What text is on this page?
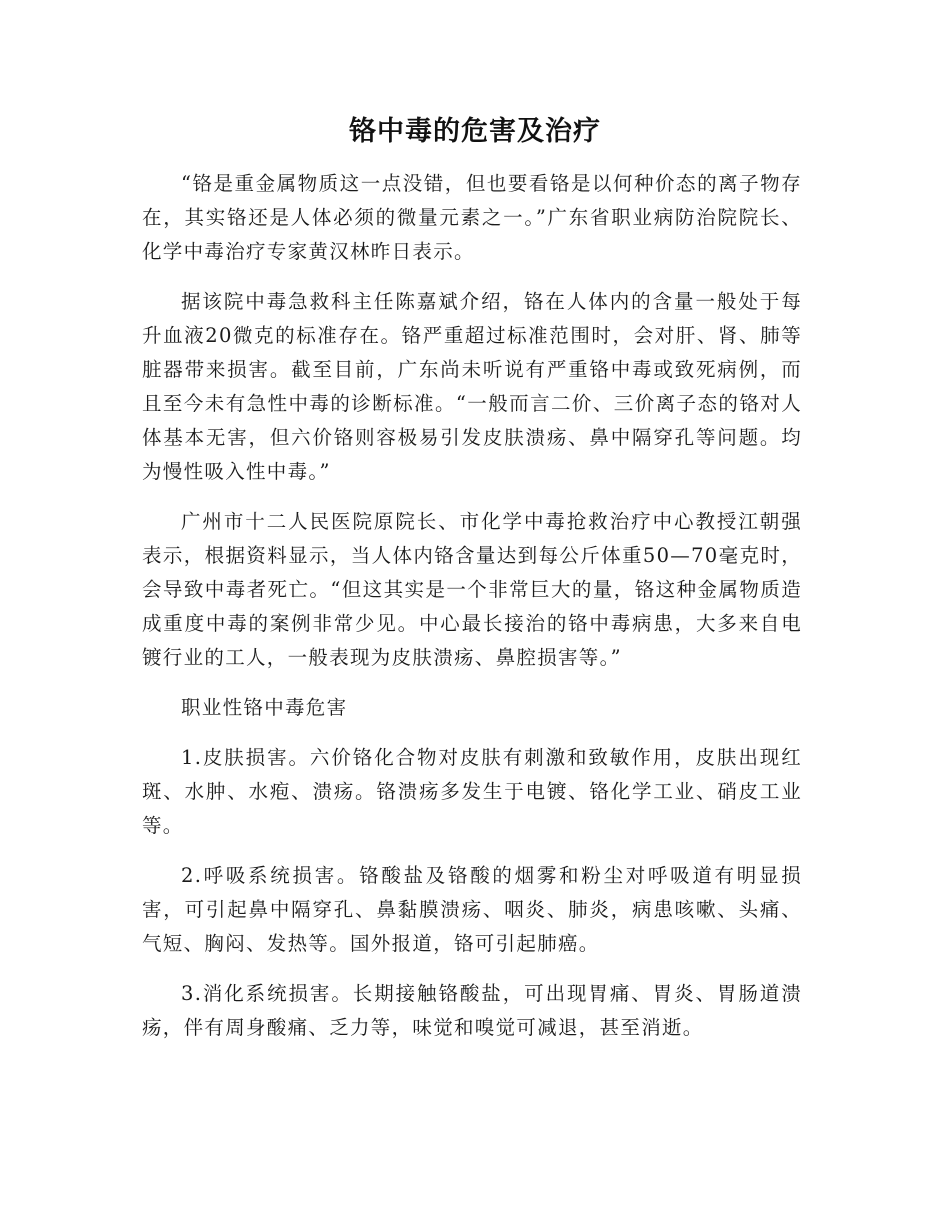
铬中毒的危害及治疗

“铬是重金属物质这一点没错，但也要看铬是以何种价态的离子物存在，其实铬还是人体必须的微量元素之一。”广东省职业病防治院院长、化学中毒治疗专家黄汉林昨日表示。

据该院中毒急救科主任陈嘉斌介绍，铬在人体内的含量一般处于每升血液20微克的标准存在。铬严重超过标准范围时，会对肝、肾、肺等脏器带来损害。截至目前，广东尚未听说有严重铬中毒或致死病例，而且至今未有急性中毒的诊断标准。“一般而言二价、三价离子态的铬对人体基本无害，但六价铬则容极易引发皮肤溃疡、鼻中隔穿孔等问题。均为慢性吸入性中毒。”

广州市十二人民医院原院长、市化学中毒抢救治疗中心教授江朝强表示，根据资料显示，当人体内铬含量达到每公斤体重50—70毫克时，会导致中毒者死亡。“但这其实是一个非常巨大的量，铬这种金属物质造成重度中毒的案例非常少见。中心最长接治的铬中毒病患，大多来自电镀行业的工人，一般表现为皮肤溃疡、鼻腔损害等。”

职业性铬中毒危害

1.皮肤损害。六价铬化合物对皮肤有刺激和致敏作用，皮肤出现红斑、水肿、水疱、溃疡。铬溃疡多发生于电镀、铬化学工业、硝皮工业等。

2.呼吸系统损害。铬酸盐及铬酸的烟雾和粉尘对呼吸道有明显损害，可引起鼻中隔穿孔、鼻黏膜溃疡、咽炎、肺炎，病患咳嗽、头痛、气短、胸闷、发热等。国外报道，铬可引起肺癌。

3.消化系统损害。长期接触铬酸盐，可出现胃痛、胃炎、胃肠道溃疡，伴有周身酸痛、乏力等，味觉和嗅觉可减退，甚至消逝。
